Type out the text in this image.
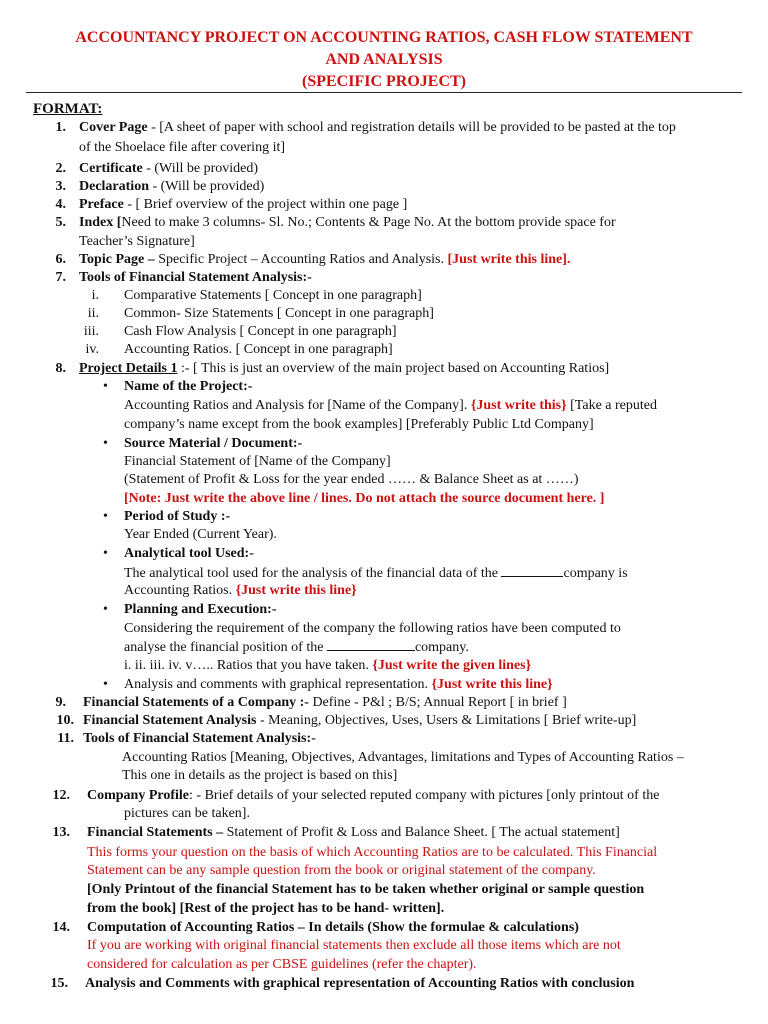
ACCOUNTANCY PROJECT ON ACCOUNTING RATIOS, CASH FLOW STATEMENT
AND ANALYSIS
(SPECIFIC PROJECT)
FORMAT:
1. Cover Page - [A sheet of paper with school and registration details will be provided to be pasted at the top
of the Shoelace file after covering it]
2. Certificate - (Will be provided)
3. Declaration - (Will be provided)
4. Preface - [ Brief overview of the project within one page ]
5. Index [Need to make 3 columns- Sl. No.; Contents & Page No. At the bottom provide space for
Teacher’s Signature]
6. Topic Page – Specific Project – Accounting Ratios and Analysis. [Just write this line].
7. Tools of Financial Statement Analysis:-
i. Comparative Statements [ Concept in one paragraph]
ii. Common- Size Statements [ Concept in one paragraph]
iii. Cash Flow Analysis [ Concept in one paragraph]
iv. Accounting Ratios. [ Concept in one paragraph]
8. Project Details 1 :- [ This is just an overview of the main project based on Accounting Ratios]
• Name of the Project:-
Accounting Ratios and Analysis for [Name of the Company]. {Just write this} [Take a reputed
company’s name except from the book examples] [Preferably Public Ltd Company]
• Source Material / Document:-
Financial Statement of [Name of the Company]
(Statement of Profit & Loss for the year ended …… & Balance Sheet as at ……)
[Note: Just write the above line / lines. Do not attach the source document here. ]
• Period of Study :-
Year Ended (Current Year).
• Analytical tool Used:-
The analytical tool used for the analysis of the financial data of the	company is
Accounting Ratios. {Just write this line}
• Planning and Execution:-
Considering the requirement of the company the following ratios have been computed to
analyse the financial position of the	company.
i. ii. iii. iv. v….. Ratios that you have taken. {Just write the given lines}
• Analysis and comments with graphical representation. {Just write this line}
9. Financial Statements of a Company :- Define - P&l ; B/S; Annual Report [ in brief ]
10. Financial Statement Analysis - Meaning, Objectives, Uses, Users & Limitations [ Brief write-up]
11. Tools of Financial Statement Analysis:-
Accounting Ratios [Meaning, Objectives, Advantages, limitations and Types of Accounting Ratios –
This one in details as the project is based on this]
12. Company Profile: - Brief details of your selected reputed company with pictures [only printout of the
pictures can be taken].
13. Financial Statements – Statement of Profit & Loss and Balance Sheet. [ The actual statement]
This forms your question on the basis of which Accounting Ratios are to be calculated. This Financial
Statement can be any sample question from the book or original statement of the company.
[Only Printout of the financial Statement has to be taken whether original or sample question
from the book] [Rest of the project has to be hand- written].
14. Computation of Accounting Ratios – In details (Show the formulae & calculations)
If you are working with original financial statements then exclude all those items which are not
considered for calculation as per CBSE guidelines (refer the chapter).
15. Analysis and Comments with graphical representation of Accounting Ratios with conclusion
